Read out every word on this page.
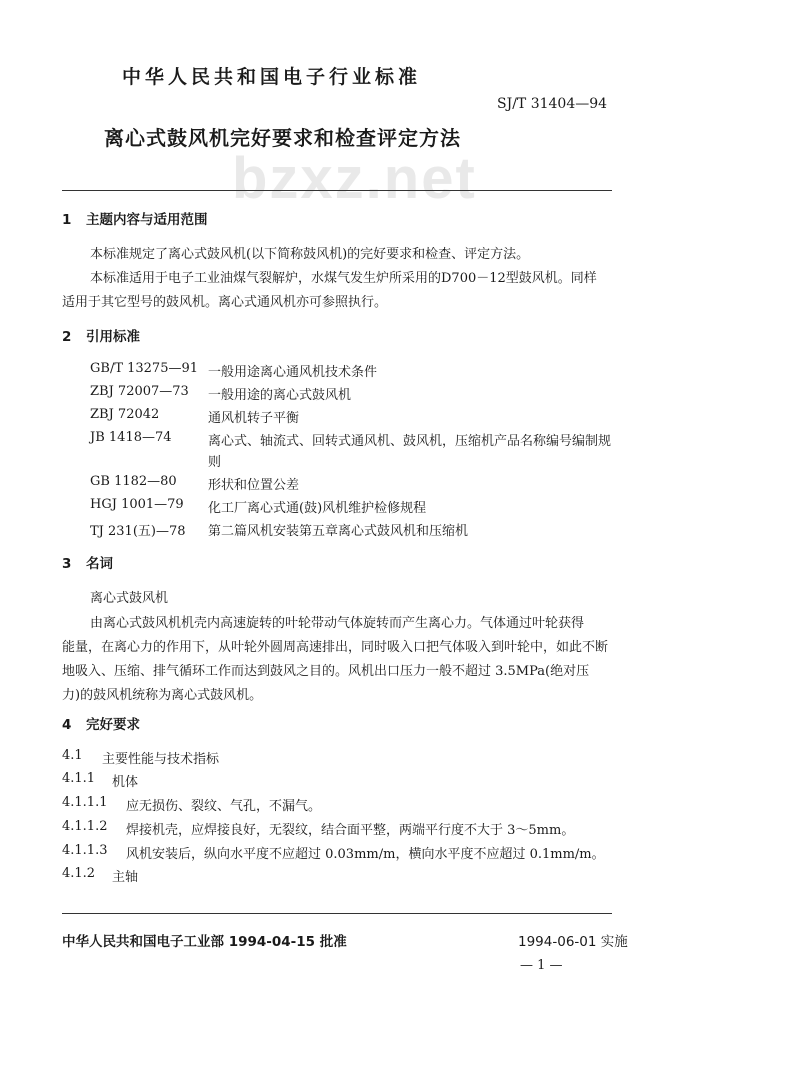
中华人民共和国电子行业标准
SJ/T 31404—94
bzxz.net
离心式鼓风机完好要求和检查评定方法
1 主题内容与适用范围
本标准规定了离心式鼓风机(以下简称鼓风机)的完好要求和检查、评定方法。
本标准适用于电子工业油煤气裂解炉，水煤气发生炉所采用的D700－12型鼓风机。同样
适用于其它型号的鼓风机。离心式通风机亦可参照执行。
2 引用标准
GB/T 13275—91 一般用途离心通风机技术条件
ZBJ 72007—73 一般用途的离心式鼓风机
ZBJ 72042	通风机转子平衡
JB 1418—74	离心式、轴流式、回转式通风机、鼓风机，压缩机产品名称编号编制规
则
GB 1182—80 形状和位置公差
HGJ 1001—79 化工厂离心式通(鼓)风机维护检修规程
TJ 231(五)—78 第二篇风机安装第五章离心式鼓风机和压缩机
3 名词
离心式鼓风机
由离心式鼓风机机壳内高速旋转的叶轮带动气体旋转而产生离心力。气体通过叶轮获得
能量，在离心力的作用下，从叶轮外圆周高速排出，同时吸入口把气体吸入到叶轮中，如此不断
地吸入、压缩、排气循环工作而达到鼓风之目的。风机出口压力一般不超过 3.5MPa(绝对压
力)的鼓风机统称为离心式鼓风机。
4 完好要求
4.1 主要性能与技术指标
4.1.1 机体
4.1.1.1 应无损伤、裂纹、气孔，不漏气。
4.1.1.2 焊接机壳，应焊接良好，无裂纹，结合面平整，两端平行度不大于 3～5mm。
4.1.1.3 风机安装后，纵向水平度不应超过 0.03mm/m，横向水平度不应超过 0.1mm/m。
4.1.2 主轴
中华人民共和国电子工业部 1994-04-15 批准	1994-06-01 实施
— 1 —
